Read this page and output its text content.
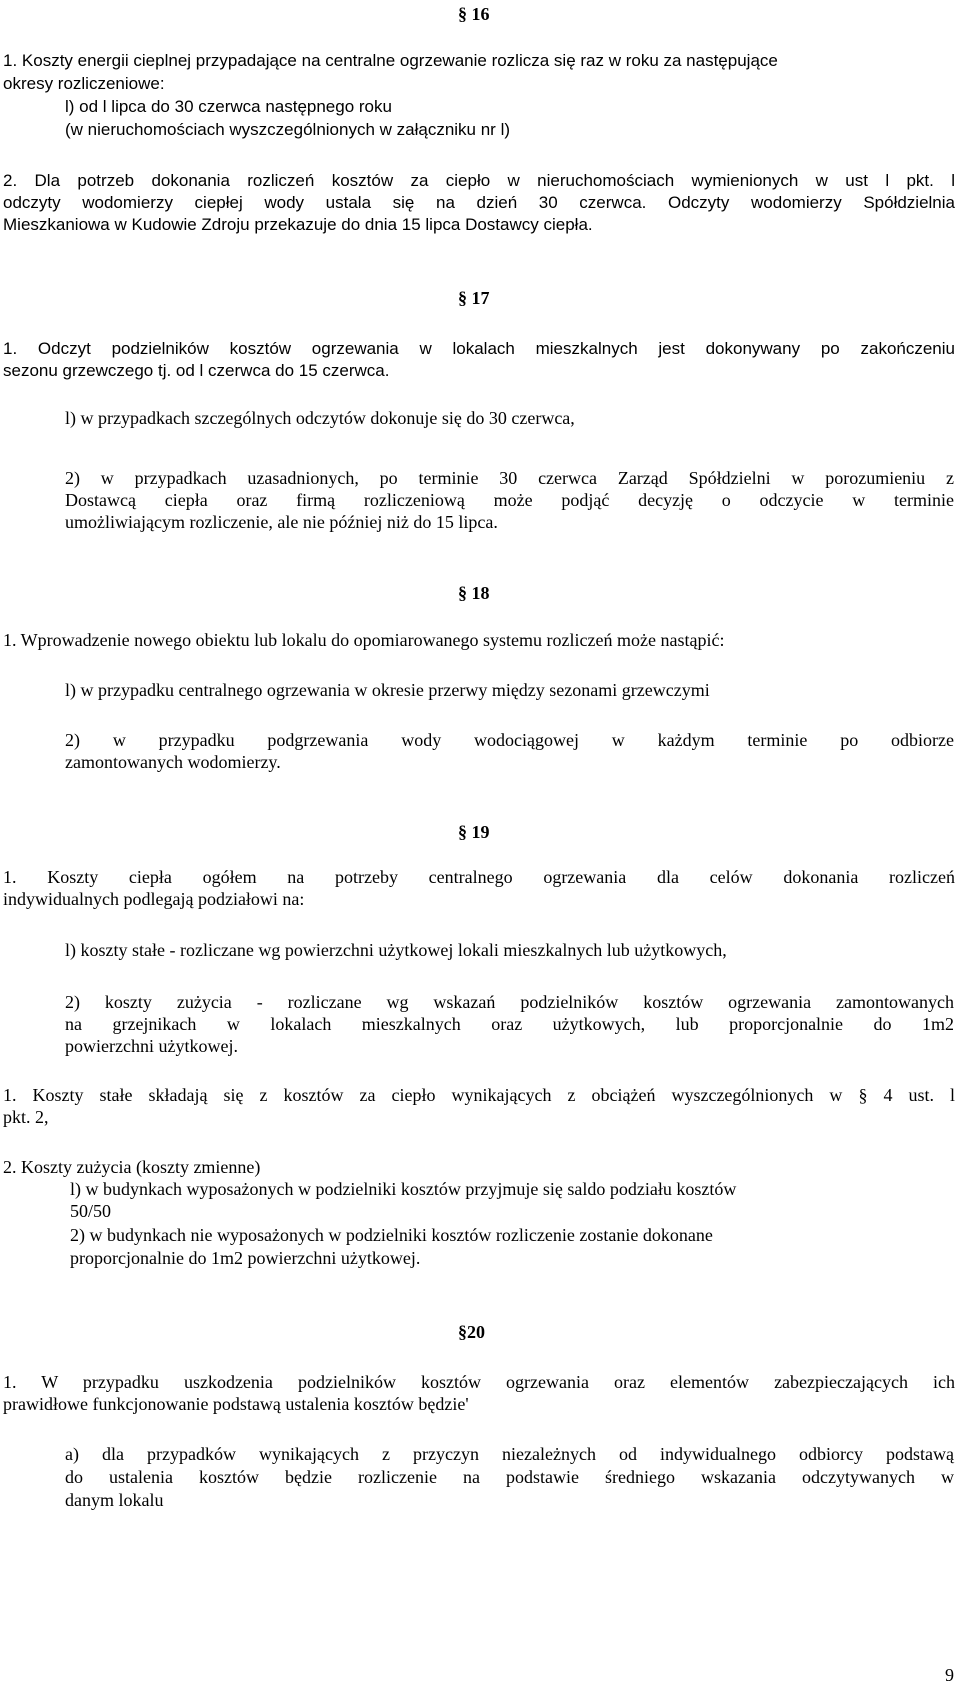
§ 16
1. Koszty energii cieplnej przypadające na centralne ogrzewanie rozlicza się raz w roku za następujące
okresy rozliczeniowe:
l) od l lipca do 30 czerwca następnego roku
(w nieruchomościach wyszczególnionych w załączniku nr l)
2. Dla potrzeb dokonania rozliczeń kosztów za ciepło w nieruchomościach wymienionych w ust l pkt. l
odczyty wodomierzy ciepłej wody ustala się na dzień 30 czerwca. Odczyty wodomierzy Spółdzielnia
Mieszkaniowa w Kudowie Zdroju przekazuje do dnia 15 lipca Dostawcy ciepła.
§ 17
1. Odczyt podzielników kosztów ogrzewania w lokalach mieszkalnych jest dokonywany po zakończeniu
sezonu grzewczego tj. od l czerwca do 15 czerwca.
l) w przypadkach szczególnych odczytów dokonuje się do 30 czerwca,
2) w przypadkach uzasadnionych, po terminie 30 czerwca Zarząd Spółdzielni w porozumieniu z
Dostawcą ciepła oraz firmą rozliczeniową może podjąć decyzję o odczycie w terminie
umożliwiającym rozliczenie, ale nie później niż do 15 lipca.
§ 18
1. Wprowadzenie nowego obiektu lub lokalu do opomiarowanego systemu rozliczeń może nastąpić:
l) w przypadku centralnego ogrzewania w okresie przerwy między sezonami grzewczymi
2) w przypadku podgrzewania wody wodociągowej w każdym terminie po odbiorze
zamontowanych wodomierzy.
§ 19
1. Koszty ciepła ogółem na potrzeby centralnego ogrzewania dla celów dokonania rozliczeń
indywidualnych podlegają podziałowi na:
l) koszty stałe - rozliczane wg powierzchni użytkowej lokali mieszkalnych lub użytkowych,
2) koszty zużycia - rozliczane wg wskazań podzielników kosztów ogrzewania zamontowanych
na grzejnikach w lokalach mieszkalnych oraz użytkowych, lub proporcjonalnie do 1m2
powierzchni użytkowej.
1. Koszty stałe składają się z kosztów za ciepło wynikających z obciążeń wyszczególnionych w § 4 ust. l
pkt. 2,
2. Koszty zużycia (koszty zmienne)
l) w budynkach wyposażonych w podzielniki kosztów przyjmuje się saldo podziału kosztów
50/50
2) w budynkach nie wyposażonych w podzielniki kosztów rozliczenie zostanie dokonane
proporcjonalnie do 1m2 powierzchni użytkowej.
§20
1. W przypadku uszkodzenia podzielników kosztów ogrzewania oraz elementów zabezpieczających ich
prawidłowe funkcjonowanie podstawą ustalenia kosztów będzie'
a) dla przypadków wynikających z przyczyn niezależnych od indywidualnego odbiorcy podstawą
do ustalenia kosztów będzie rozliczenie na podstawie średniego wskazania odczytywanych w
danym lokalu
9
